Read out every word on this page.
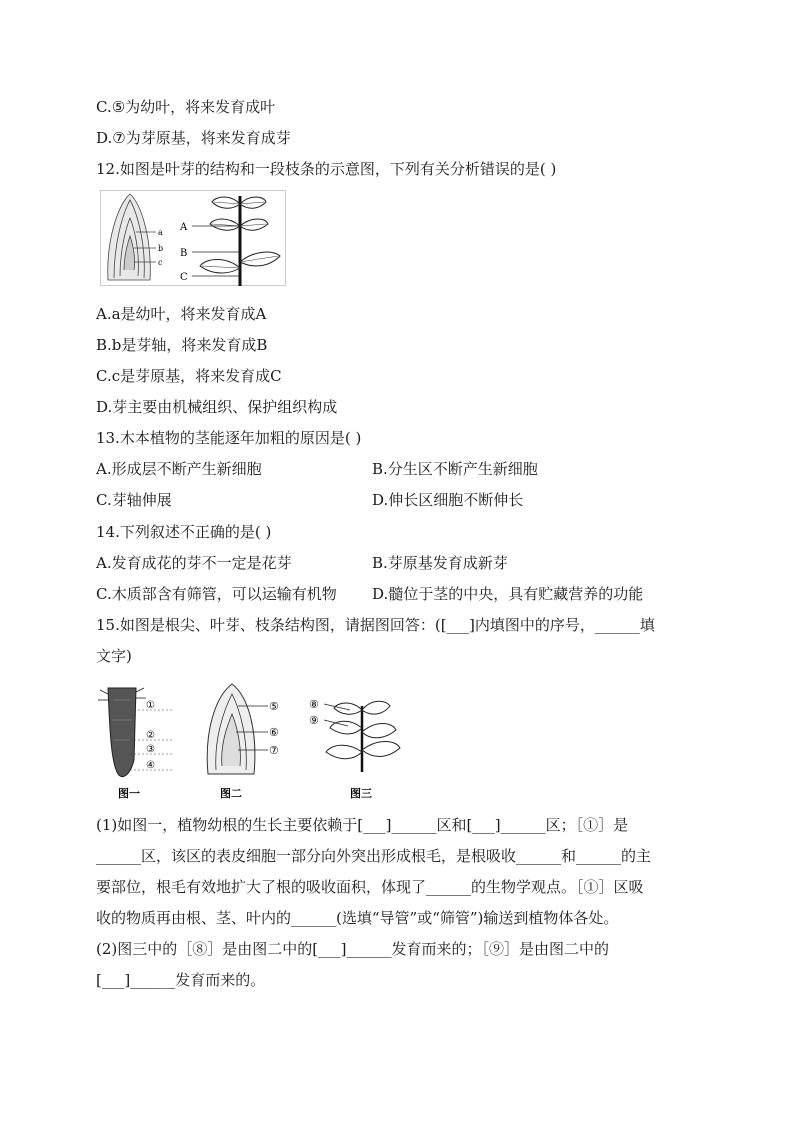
C.⑤为幼叶，将来发育成叶
D.⑦为芽原基，将来发育成芽
12.如图是叶芽的结构和一段枝条的示意图，下列有关分析错误的是( )
a
b
c
A
B
C
A.a是幼叶，将来发育成A
B.b是芽轴，将来发育成B
C.c是芽原基，将来发育成C
D.芽主要由机械组织、保护组织构成
13.木本植物的茎能逐年加粗的原因是( )
A.形成层不断产生新细胞	B.分生区不断产生新细胞
C.芽轴伸展	D.伸长区细胞不断伸长
14.下列叙述不正确的是( )
A.发育成花的芽不一定是花芽	B.芽原基发育成新芽
C.木质部含有筛管，可以运输有机物 D.髓位于茎的中央，具有贮藏营养的功能
15.如图是根尖、叶芽、枝条结构图，请据图回答：([___]内填图中的序号，______填
文字)
①
②
③
④
图一
⑤
⑥
⑦
图二
⑧
⑨
图三
(1)如图一，植物幼根的生长主要依赖于[___]______区和[___]______区；［①］是
______区，该区的表皮细胞一部分向外突出形成根毛，是根吸收______和______的主
要部位，根毛有效地扩大了根的吸收面积，体现了______的生物学观点。［①］区吸
收的物质再由根、茎、叶内的______(选填“导管”或“筛管”)输送到植物体各处。
(2)图三中的［⑧］是由图二中的[___]______发育而来的；［⑨］是由图二中的
[___]______发育而来的。
